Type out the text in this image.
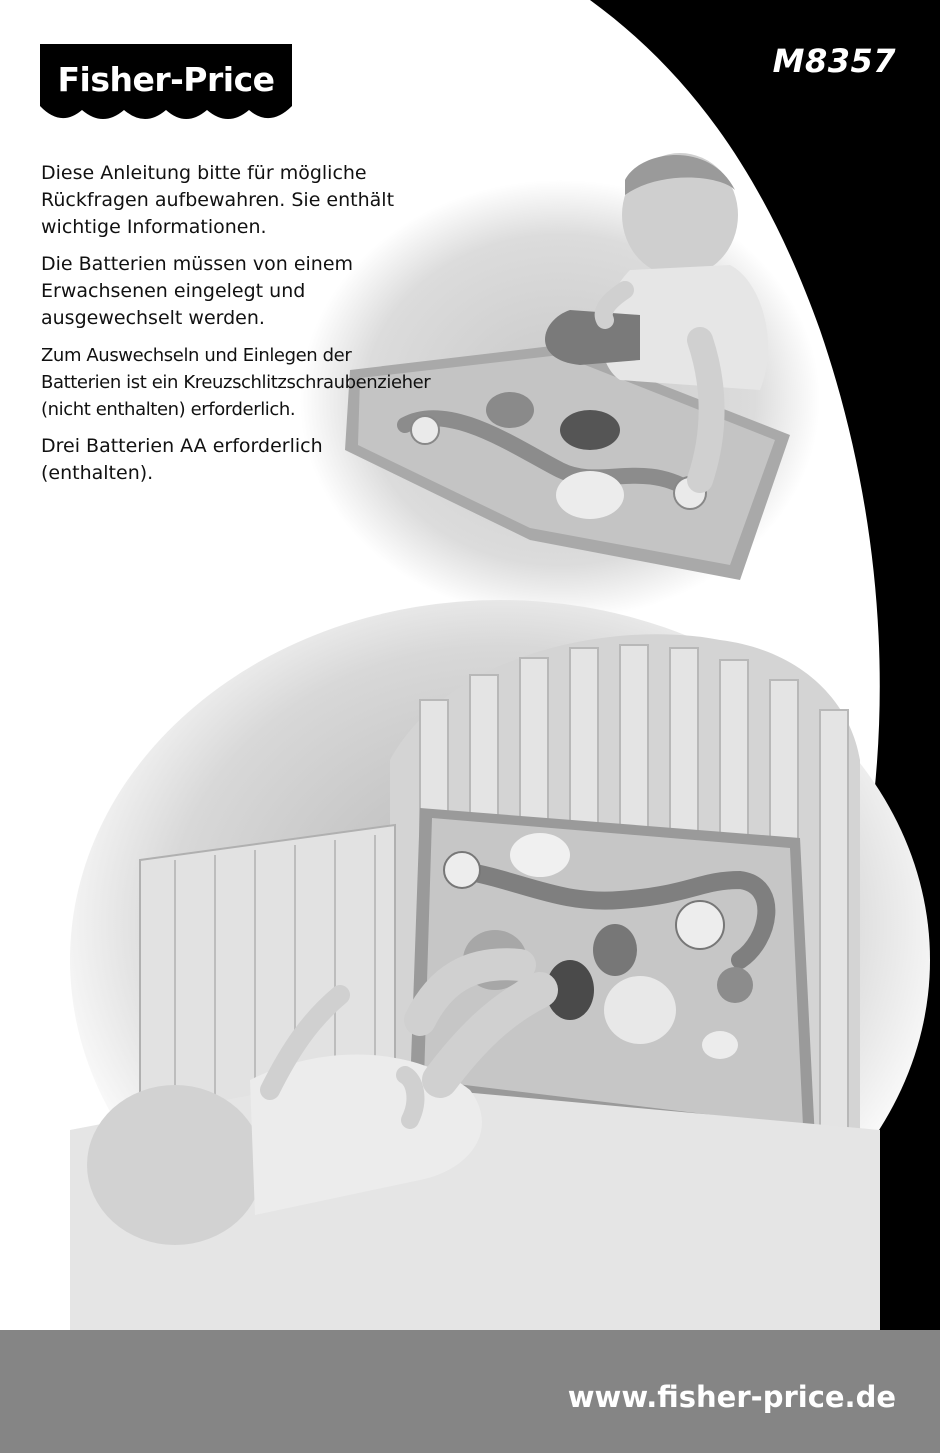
Fisher-Price	M8357

Diese Anleitung bitte für mögliche Rückfragen aufbewahren. Sie enthält wichtige Informationen.

Die Batterien müssen von einem Erwachsenen eingelegt und ausgewechselt werden.

Zum Auswechseln und Einlegen der Batterien ist ein Kreuzschlitzschraubenzieher (nicht enthalten) erforderlich.

Drei Batterien AA erforderlich (enthalten).

www.fisher-price.de
